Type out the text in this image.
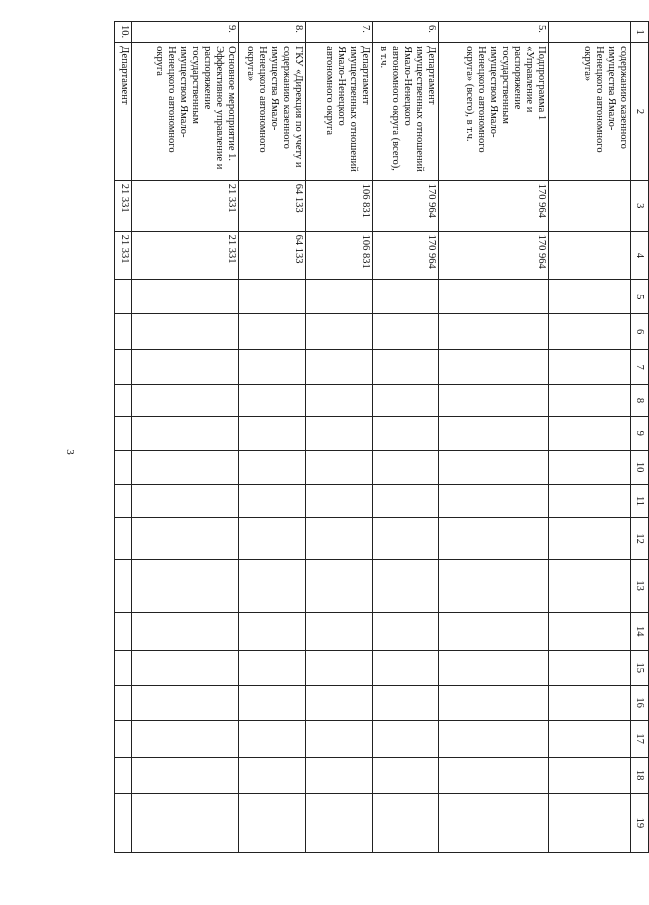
3
1	2	3	4	5	6	7	8	9	10	11	12	13	14	15	16	17	18	19
	содержанию казенного имущества Ямало-Ненецкого автономного округа»																	
5.	Подпрограмма 1 «Управление и распоряжение государственным имуществом Ямало-Ненецкого автономного округа» (всего), в т.ч.	170 964	170 964															
6.	Департамент имущественных отношений Ямало-Ненецкого автономного округа (всего), в т.ч.	170 964	170 964															
7.	Департамент имущественных отношений Ямало-Ненецкого автономного округа	106 831	106 831															
8.	ГКУ «Дирекция по учету и содержанию казенного имущества Ямало-Ненецкого автономного округа»	64 133	64 133															
9.	Основное мероприятие 1. Эффективное управление и распоряжение государственным имуществом Ямало-Ненецкого автономного округа	21 331	21 331															
10.	Департамент	21 331	21 331															
